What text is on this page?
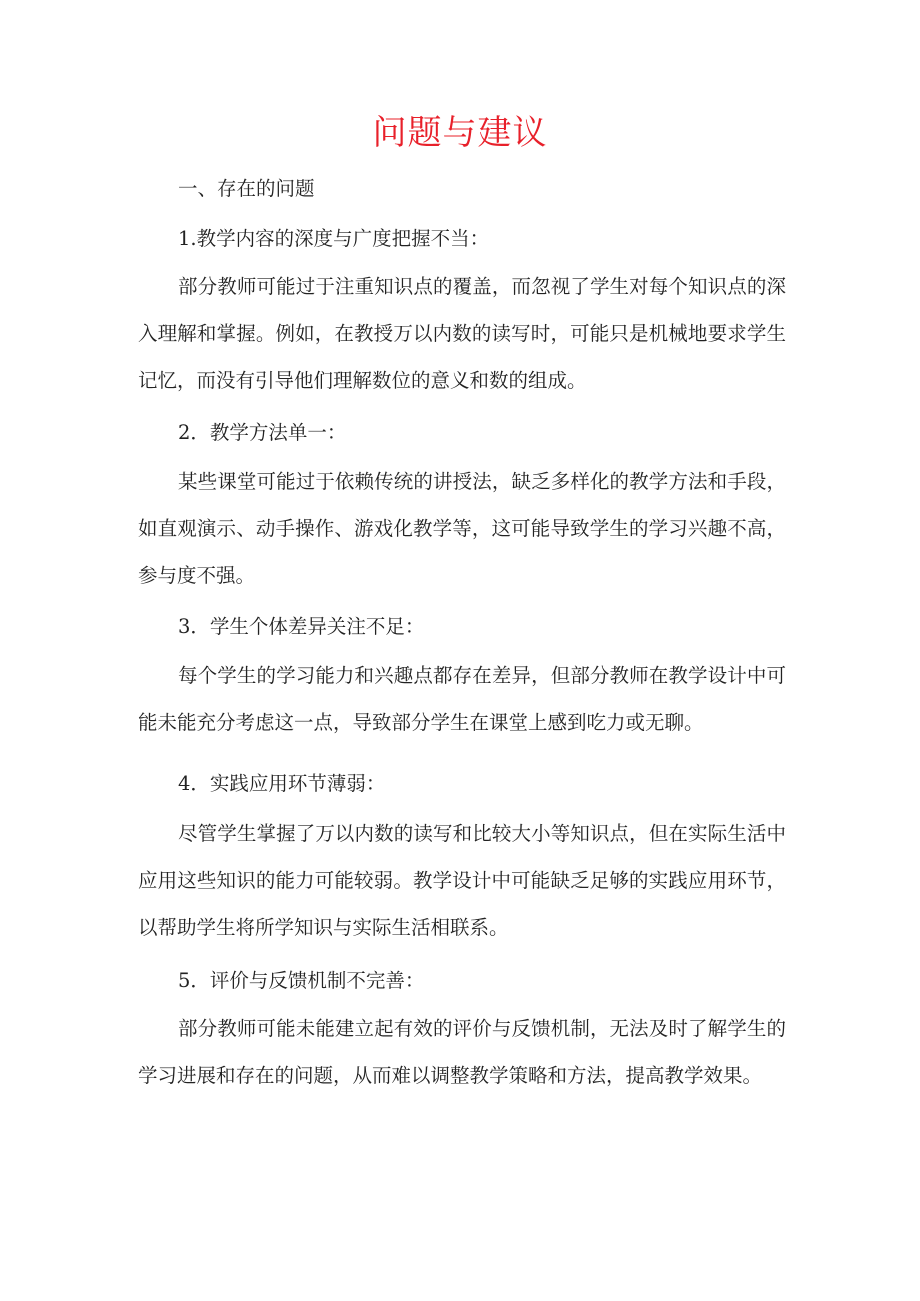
问题与建议
一、存在的问题
1.教学内容的深度与广度把握不当：

部分教师可能过于注重知识点的覆盖，而忽视了学生对每个知识点的深入理解和掌握。例如，在教授万以内数的读写时，可能只是机械地要求学生记忆，而没有引导他们理解数位的意义和数的组成。

2．教学方法单一：

某些课堂可能过于依赖传统的讲授法，缺乏多样化的教学方法和手段，如直观演示、动手操作、游戏化教学等，这可能导致学生的学习兴趣不高，参与度不强。

3．学生个体差异关注不足：

每个学生的学习能力和兴趣点都存在差异，但部分教师在教学设计中可能未能充分考虑这一点，导致部分学生在课堂上感到吃力或无聊。

4．实践应用环节薄弱：

尽管学生掌握了万以内数的读写和比较大小等知识点，但在实际生活中应用这些知识的能力可能较弱。教学设计中可能缺乏足够的实践应用环节，以帮助学生将所学知识与实际生活相联系。

5．评价与反馈机制不完善：

部分教师可能未能建立起有效的评价与反馈机制，无法及时了解学生的学习进展和存在的问题，从而难以调整教学策略和方法，提高教学效果。
